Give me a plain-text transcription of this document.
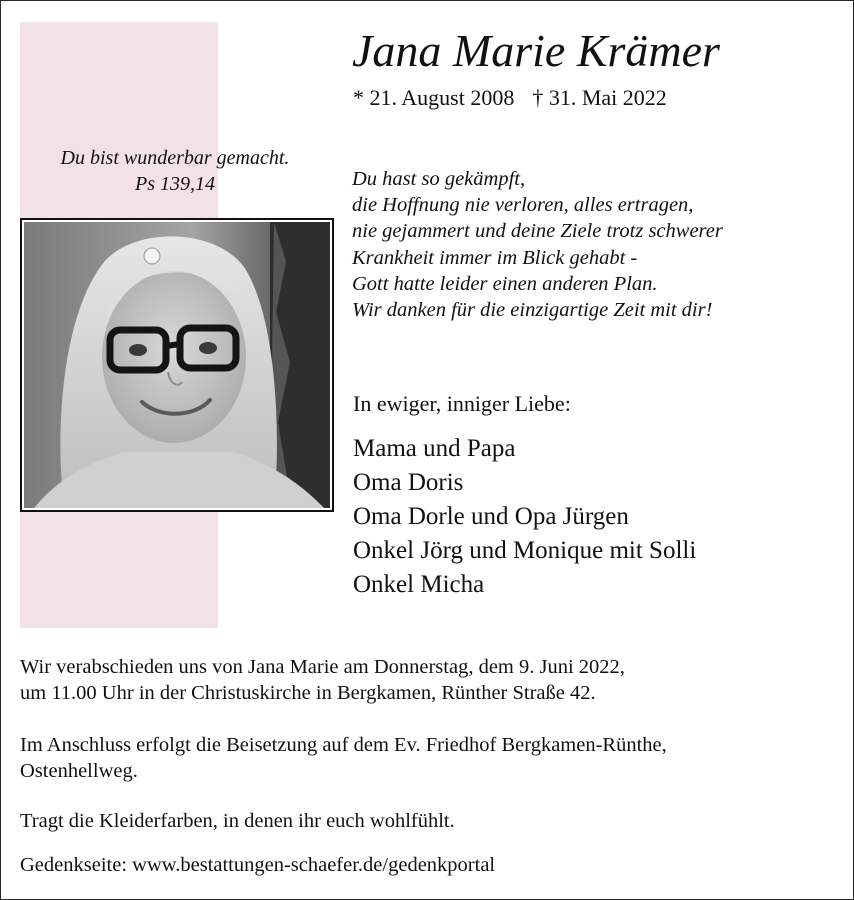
Du bist wunderbar gemacht.
Ps 139,14
Jana Marie Krämer
* 21. August 2008 † 31. Mai 2022
Du hast so gekämpft,
die Hoffnung nie verloren, alles ertragen,
nie gejammert und deine Ziele trotz schwerer
Krankheit immer im Blick gehabt -
Gott hatte leider einen anderen Plan.
Wir danken für die einzigartige Zeit mit dir!
In ewiger, inniger Liebe:
Mama und Papa
Oma Doris
Oma Dorle und Opa Jürgen
Onkel Jörg und Monique mit Solli
Onkel Micha
Wir verabschieden uns von Jana Marie am Donnerstag, dem 9. Juni 2022,
um 11.00 Uhr in der Christuskirche in Bergkamen, Rünther Straße 42.
Im Anschluss erfolgt die Beisetzung auf dem Ev. Friedhof Bergkamen-Rünthe,
Ostenhellweg.
Tragt die Kleiderfarben, in denen ihr euch wohlfühlt.
Gedenkseite: www.bestattungen-schaefer.de/gedenkportal
